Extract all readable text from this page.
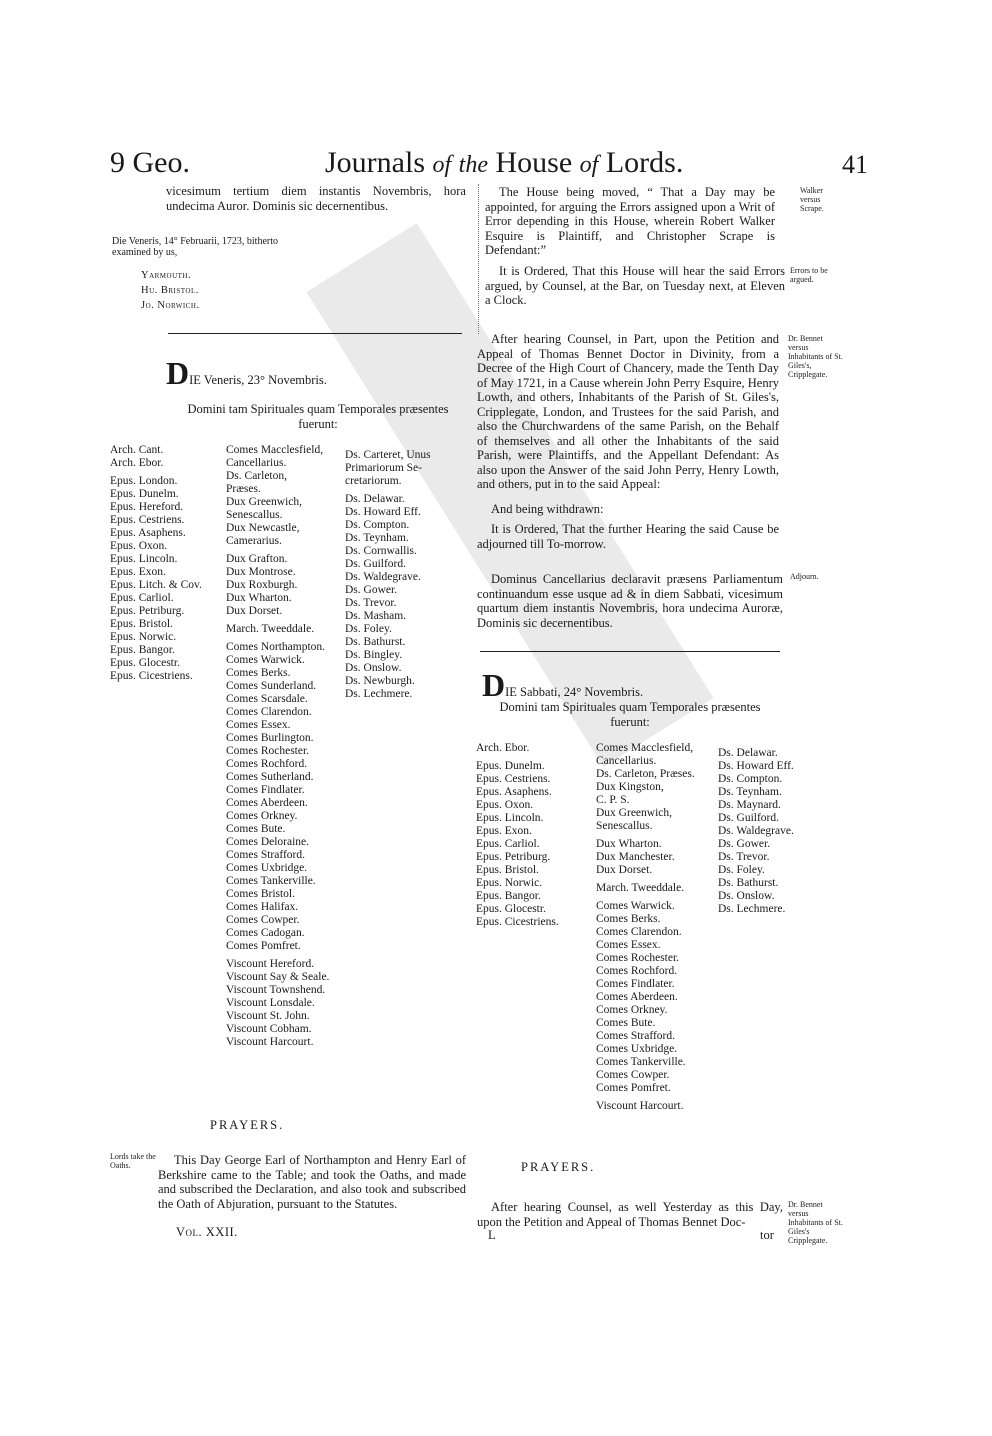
9 Geo.	Journals of the House of Lords.	41
vicesimum tertium diem instantis Novembris, hora undecima Auror. Dominis sic decernentibus.
Die Veneris, 14° Februarii, 1723, bitherto examined by us,
Yarmouth.
Hu. Bristol.
Jo. Norwich.
DIE Veneris, 23° Novembris.
Domini tam Spirituales quam Temporales præsentes fuerunt:
Arch. Cant.
Arch. Ebor.
Epus. London.
Epus. Dunelm.
Epus. Hereford.
Epus. Cestriens.
Epus. Asaphens.
Epus. Oxon.
Epus. Lincoln.
Epus. Exon.
Epus. Litch. & Cov.
Epus. Carliol.
Epus. Petriburg.
Epus. Bristol.
Epus. Norwic.
Epus. Bangor.
Epus. Glocestr.
Epus. Cicestriens.
Comes Macclesfield,
Cancellarius.
Ds. Carleton,
Præses.
Dux Greenwich,
Senescallus.
Dux Newcastle,
Camerarius.
Dux Grafton.
Dux Montrose.
Dux Roxburgh.
Dux Wharton.
Dux Dorset.
March. Tweeddale.
Comes Northampton.
Comes Warwick.
Comes Berks.
Comes Sunderland.
Comes Scarsdale.
Comes Clarendon.
Comes Essex.
Comes Burlington.
Comes Rochester.
Comes Rochford.
Comes Sutherland.
Comes Findlater.
Comes Aberdeen.
Comes Orkney.
Comes Bute.
Comes Deloraine.
Comes Strafford.
Comes Uxbridge.
Comes Tankerville.
Comes Bristol.
Comes Halifax.
Comes Cowper.
Comes Cadogan.
Comes Pomfret.
Viscount Hereford.
Viscount Say & Seale.
Viscount Townshend.
Viscount Lonsdale.
Viscount St. John.
Viscount Cobham.
Viscount Harcourt.
Ds. Carteret, Unus
Primariorum Se-
cretariorum.
Ds. Delawar.
Ds. Howard Eff.
Ds. Compton.
Ds. Teynham.
Ds. Cornwallis.
Ds. Guilford.
Ds. Waldegrave.
Ds. Gower.
Ds. Trevor.
Ds. Masham.
Ds. Foley.
Ds. Bathurst.
Ds. Bingley.
Ds. Onslow.
Ds. Newburgh.
Ds. Lechmere.
PRAYERS.
Lords take the Oaths.	This Day George Earl of Northampton and Henry Earl of Berkshire came to the Table; and took the Oaths, and made and subscribed the Declaration, and also took and subscribed the Oath of Abjuration, pursuant to the Statutes.
Vol. XXII.
The House being moved, “ That a Day may be appointed, for arguing the Errors assigned upon a Writ of Error depending in this House, wherein Robert Walker Esquire is Plaintiff, and Christopher Scrape is Defendant:”
Walker versus Scrape.
It is Ordered, That this House will hear the said Errors argued, by Counsel, at the Bar, on Tuesday next, at Eleven a Clock.
Errors to be argued.
After hearing Counsel, in Part, upon the Petition and Appeal of Thomas Bennet Doctor in Divinity, from a Decree of the High Court of Chancery, made the Tenth Day of May 1721, in a Cause wherein John Perry Esquire, Henry Lowth, and others, Inhabitants of the Parish of St. Giles's, Cripplegate, London, and Trustees for the said Parish, and also the Churchwardens of the same Parish, on the Behalf of themselves and all other the Inhabitants of the said Parish, were Plaintiffs, and the Appellant Defendant: As also upon the Answer of the said John Perry, Henry Lowth, and others, put in to the said Appeal:
Dr. Bennet versus Inhabitants of St. Giles's, Cripplegate.
And being withdrawn:
It is Ordered, That the further Hearing the said Cause be adjourned till To-morrow.
Dominus Cancellarius declaravit præsens Parliamentum continuandum esse usque ad & in diem Sabbati, vicesimum quartum diem instantis Novembris, hora undecima Auroræ, Dominis sic decernentibus.
Adjourn.
DIE Sabbati, 24° Novembris.
Domini tam Spirituales quam Temporales præsentes fuerunt:
Arch. Ebor.
Epus. Dunelm.
Epus. Cestriens.
Epus. Asaphens.
Epus. Oxon.
Epus. Lincoln.
Epus. Exon.
Epus. Carliol.
Epus. Petriburg.
Epus. Bristol.
Epus. Norwic.
Epus. Bangor.
Epus. Glocestr.
Epus. Cicestriens.
Comes Macclesfield,
Cancellarius.
Ds. Carleton, Præses.
Dux Kingston,
C. P. S.
Dux Greenwich,
Senescallus.
Dux Wharton.
Dux Manchester.
Dux Dorset.
March. Tweeddale.
Comes Warwick.
Comes Berks.
Comes Clarendon.
Comes Essex.
Comes Rochester.
Comes Rochford.
Comes Findlater.
Comes Aberdeen.
Comes Orkney.
Comes Bute.
Comes Strafford.
Comes Uxbridge.
Comes Tankerville.
Comes Cowper.
Comes Pomfret.
Viscount Harcourt.
Ds. Delawar.
Ds. Howard Eff.
Ds. Compton.
Ds. Teynham.
Ds. Maynard.
Ds. Guilford.
Ds. Waldegrave.
Ds. Gower.
Ds. Trevor.
Ds. Foley.
Ds. Bathurst.
Ds. Onslow.
Ds. Lechmere.
PRAYERS.
After hearing Counsel, as well Yesterday as this Day, upon the Petition and Appeal of Thomas Bennet Doc-
Dr. Bennet versus Inhabitants of St. Giles's Cripplegate.
L	tor
